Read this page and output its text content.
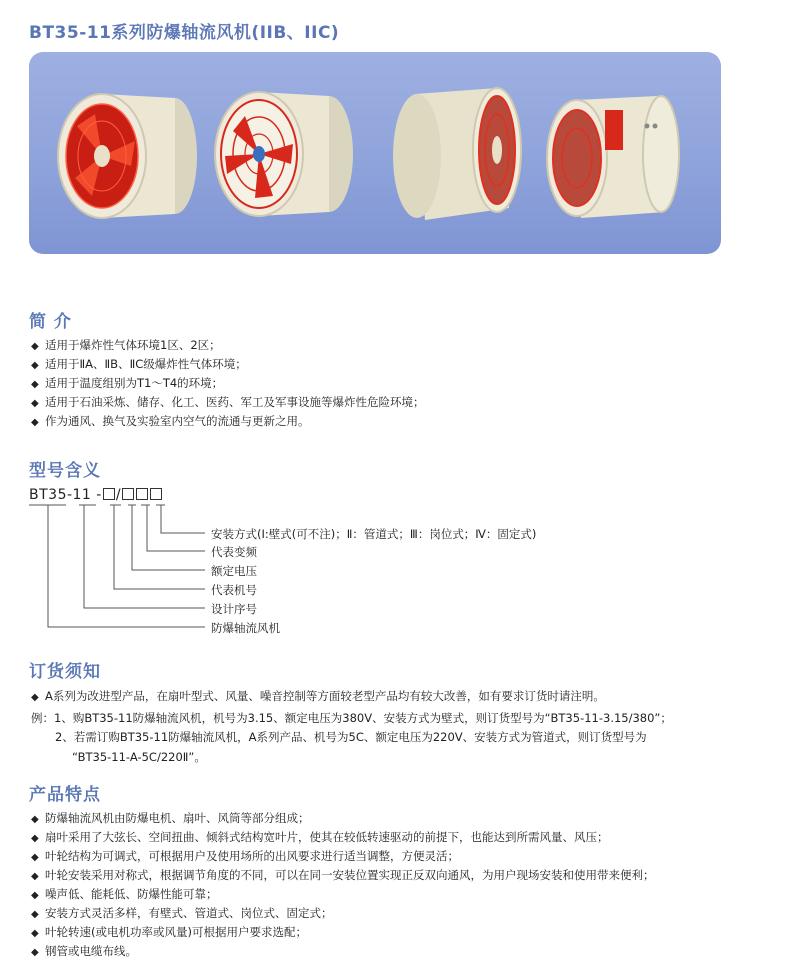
BT35-11系列防爆轴流风机(IIB、IIC)
简 介
◆ 适用于爆炸性气体环境1区、2区；
◆ 适用于ⅡA、ⅡB、ⅡC级爆炸性气体环境；
◆ 适用于温度组别为T1～T4的环境；
◆ 适用于石油采炼、储存、化工、医药、军工及军事设施等爆炸性危险环境；
◆ 作为通风、换气及实验室内空气的流通与更新之用。
型号含义
BT35-11 - /
安装方式(Ⅰ:壁式(可不注)；Ⅱ：管道式；Ⅲ：岗位式；Ⅳ：固定式)
代表变频
额定电压
代表机号
设计序号
防爆轴流风机
订货须知
◆ A系列为改进型产品，在扇叶型式、风量、噪音控制等方面较老型产品均有较大改善，如有要求订货时请注明。
例：1、购BT35-11防爆轴流风机，机号为3.15、额定电压为380V、安装方式为壁式，则订货型号为“BT35-11-3.15/380”；
2、若需订购BT35-11防爆轴流风机，A系列产品、机号为5C、额定电压为220V、安装方式为管道式，则订货型号为
“BT35-11-A-5C/220Ⅱ”。
产品特点
◆ 防爆轴流风机由防爆电机、扇叶、风筒等部分组成；
◆ 扇叶采用了大弦长、空间扭曲、倾斜式结构宽叶片，使其在较低转速驱动的前提下，也能达到所需风量、风压；
◆ 叶轮结构为可调式，可根据用户及使用场所的出风要求进行适当调整，方便灵活；
◆ 叶轮安装采用对称式，根据调节角度的不同，可以在同一安装位置实现正反双向通风，为用户现场安装和使用带来便利；
◆ 噪声低、能耗低、防爆性能可靠；
◆ 安装方式灵活多样，有壁式、管道式、岗位式、固定式；
◆ 叶轮转速(或电机功率或风量)可根据用户要求选配；
◆ 钢管或电缆布线。
